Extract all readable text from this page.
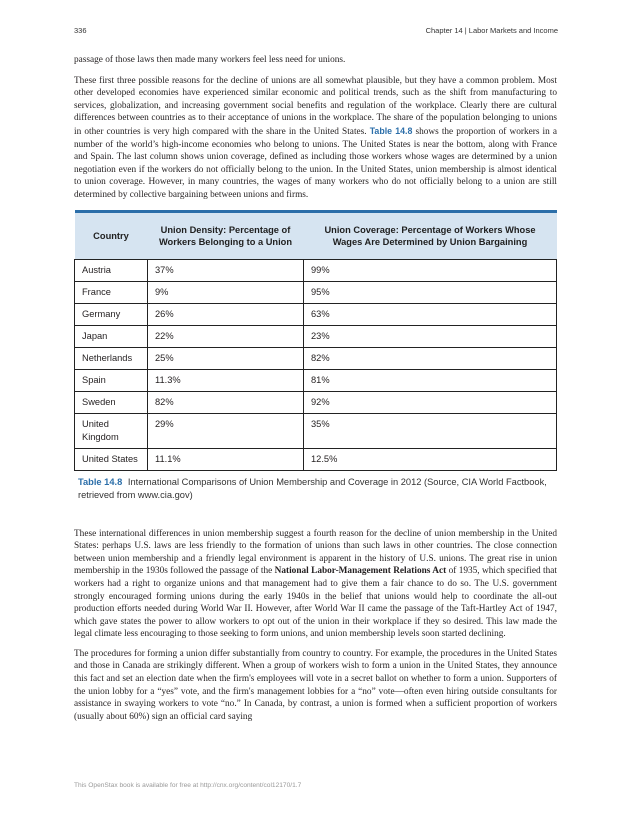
336	Chapter 14 | Labor Markets and Income

passage of those laws then made many workers feel less need for unions.

These first three possible reasons for the decline of unions are all somewhat plausible, but they have a common problem. Most other developed economies have experienced similar economic and political trends, such as the shift from manufacturing to services, globalization, and increasing government social benefits and regulation of the workplace. Clearly there are cultural differences between countries as to their acceptance of unions in the workplace. The share of the population belonging to unions in other countries is very high compared with the share in the United States. Table 14.8 shows the proportion of workers in a number of the world’s high-income economies who belong to unions. The United States is near the bottom, along with France and Spain. The last column shows union coverage, defined as including those workers whose wages are determined by a union negotiation even if the workers do not officially belong to the union. In the United States, union membership is almost identical to union coverage. However, in many countries, the wages of many workers who do not officially belong to a union are still determined by collective bargaining between unions and firms.

Country	Union Density: Percentage of Workers Belonging to a Union	Union Coverage: Percentage of Workers Whose Wages Are Determined by Union Bargaining
Austria	37%	99%
France	9%	95%
Germany	26%	63%
Japan	22%	23%
Netherlands	25%	82%
Spain	11.3%	81%
Sweden	82%	92%
United Kingdom	29%	35%
United States	11.1%	12.5%
Table 14.8 International Comparisons of Union Membership and Coverage in 2012 (Source, CIA World Factbook, retrieved from www.cia.gov)

These international differences in union membership suggest a fourth reason for the decline of union membership in the United States: perhaps U.S. laws are less friendly to the formation of unions than such laws in other countries. The close connection between union membership and a friendly legal environment is apparent in the history of U.S. unions. The great rise in union membership in the 1930s followed the passage of the National Labor-Management Relations Act of 1935, which specified that workers had a right to organize unions and that management had to give them a fair chance to do so. The U.S. government strongly encouraged forming unions during the early 1940s in the belief that unions would help to coordinate the all-out production efforts needed during World War II. However, after World War II came the passage of the Taft-Hartley Act of 1947, which gave states the power to allow workers to opt out of the union in their workplace if they so desired. This law made the legal climate less encouraging to those seeking to form unions, and union membership levels soon started declining.

The procedures for forming a union differ substantially from country to country. For example, the procedures in the United States and those in Canada are strikingly different. When a group of workers wish to form a union in the United States, they announce this fact and set an election date when the firm's employees will vote in a secret ballot on whether to form a union. Supporters of the union lobby for a “yes” vote, and the firm's management lobbies for a “no” vote—often even hiring outside consultants for assistance in swaying workers to vote “no.” In Canada, by contrast, a union is formed when a sufficient proportion of workers (usually about 60%) sign an official card saying

This OpenStax book is available for free at http://cnx.org/content/col12170/1.7
